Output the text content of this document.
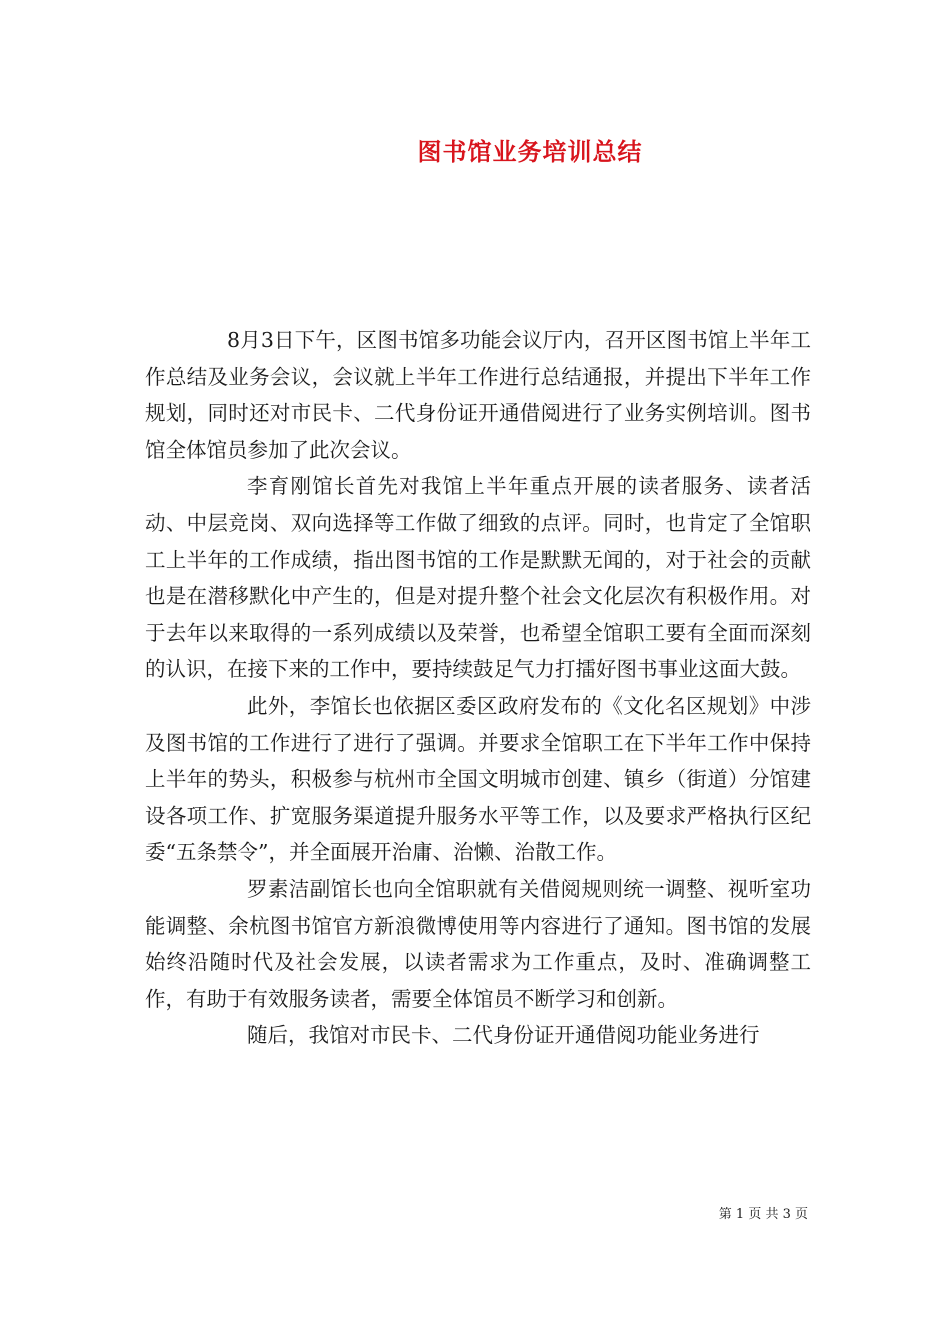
图书馆业务培训总结

8月3日下午，区图书馆多功能会议厅内，召开区图书馆上半年工作总结及业务会议，会议就上半年工作进行总结通报，并提出下半年工作规划，同时还对市民卡、二代身份证开通借阅进行了业务实例培训。图书馆全体馆员参加了此次会议。

李育刚馆长首先对我馆上半年重点开展的读者服务、读者活动、中层竞岗、双向选择等工作做了细致的点评。同时，也肯定了全馆职工上半年的工作成绩，指出图书馆的工作是默默无闻的，对于社会的贡献也是在潜移默化中产生的，但是对提升整个社会文化层次有积极作用。对于去年以来取得的一系列成绩以及荣誉，也希望全馆职工要有全面而深刻的认识，在接下来的工作中，要持续鼓足气力打擂好图书事业这面大鼓。

此外，李馆长也依据区委区政府发布的《文化名区规划》中涉及图书馆的工作进行了进行了强调。并要求全馆职工在下半年工作中保持上半年的势头，积极参与杭州市全国文明城市创建、镇乡（街道）分馆建设各项工作、扩宽服务渠道提升服务水平等工作，以及要求严格执行区纪委“五条禁令”，并全面展开治庸、治懒、治散工作。

罗素洁副馆长也向全馆职就有关借阅规则统一调整、视听室功能调整、余杭图书馆官方新浪微博使用等内容进行了通知。图书馆的发展始终沿随时代及社会发展，以读者需求为工作重点，及时、准确调整工作，有助于有效服务读者，需要全体馆员不断学习和创新。

随后，我馆对市民卡、二代身份证开通借阅功能业务进行

第 1 页 共 3 页
